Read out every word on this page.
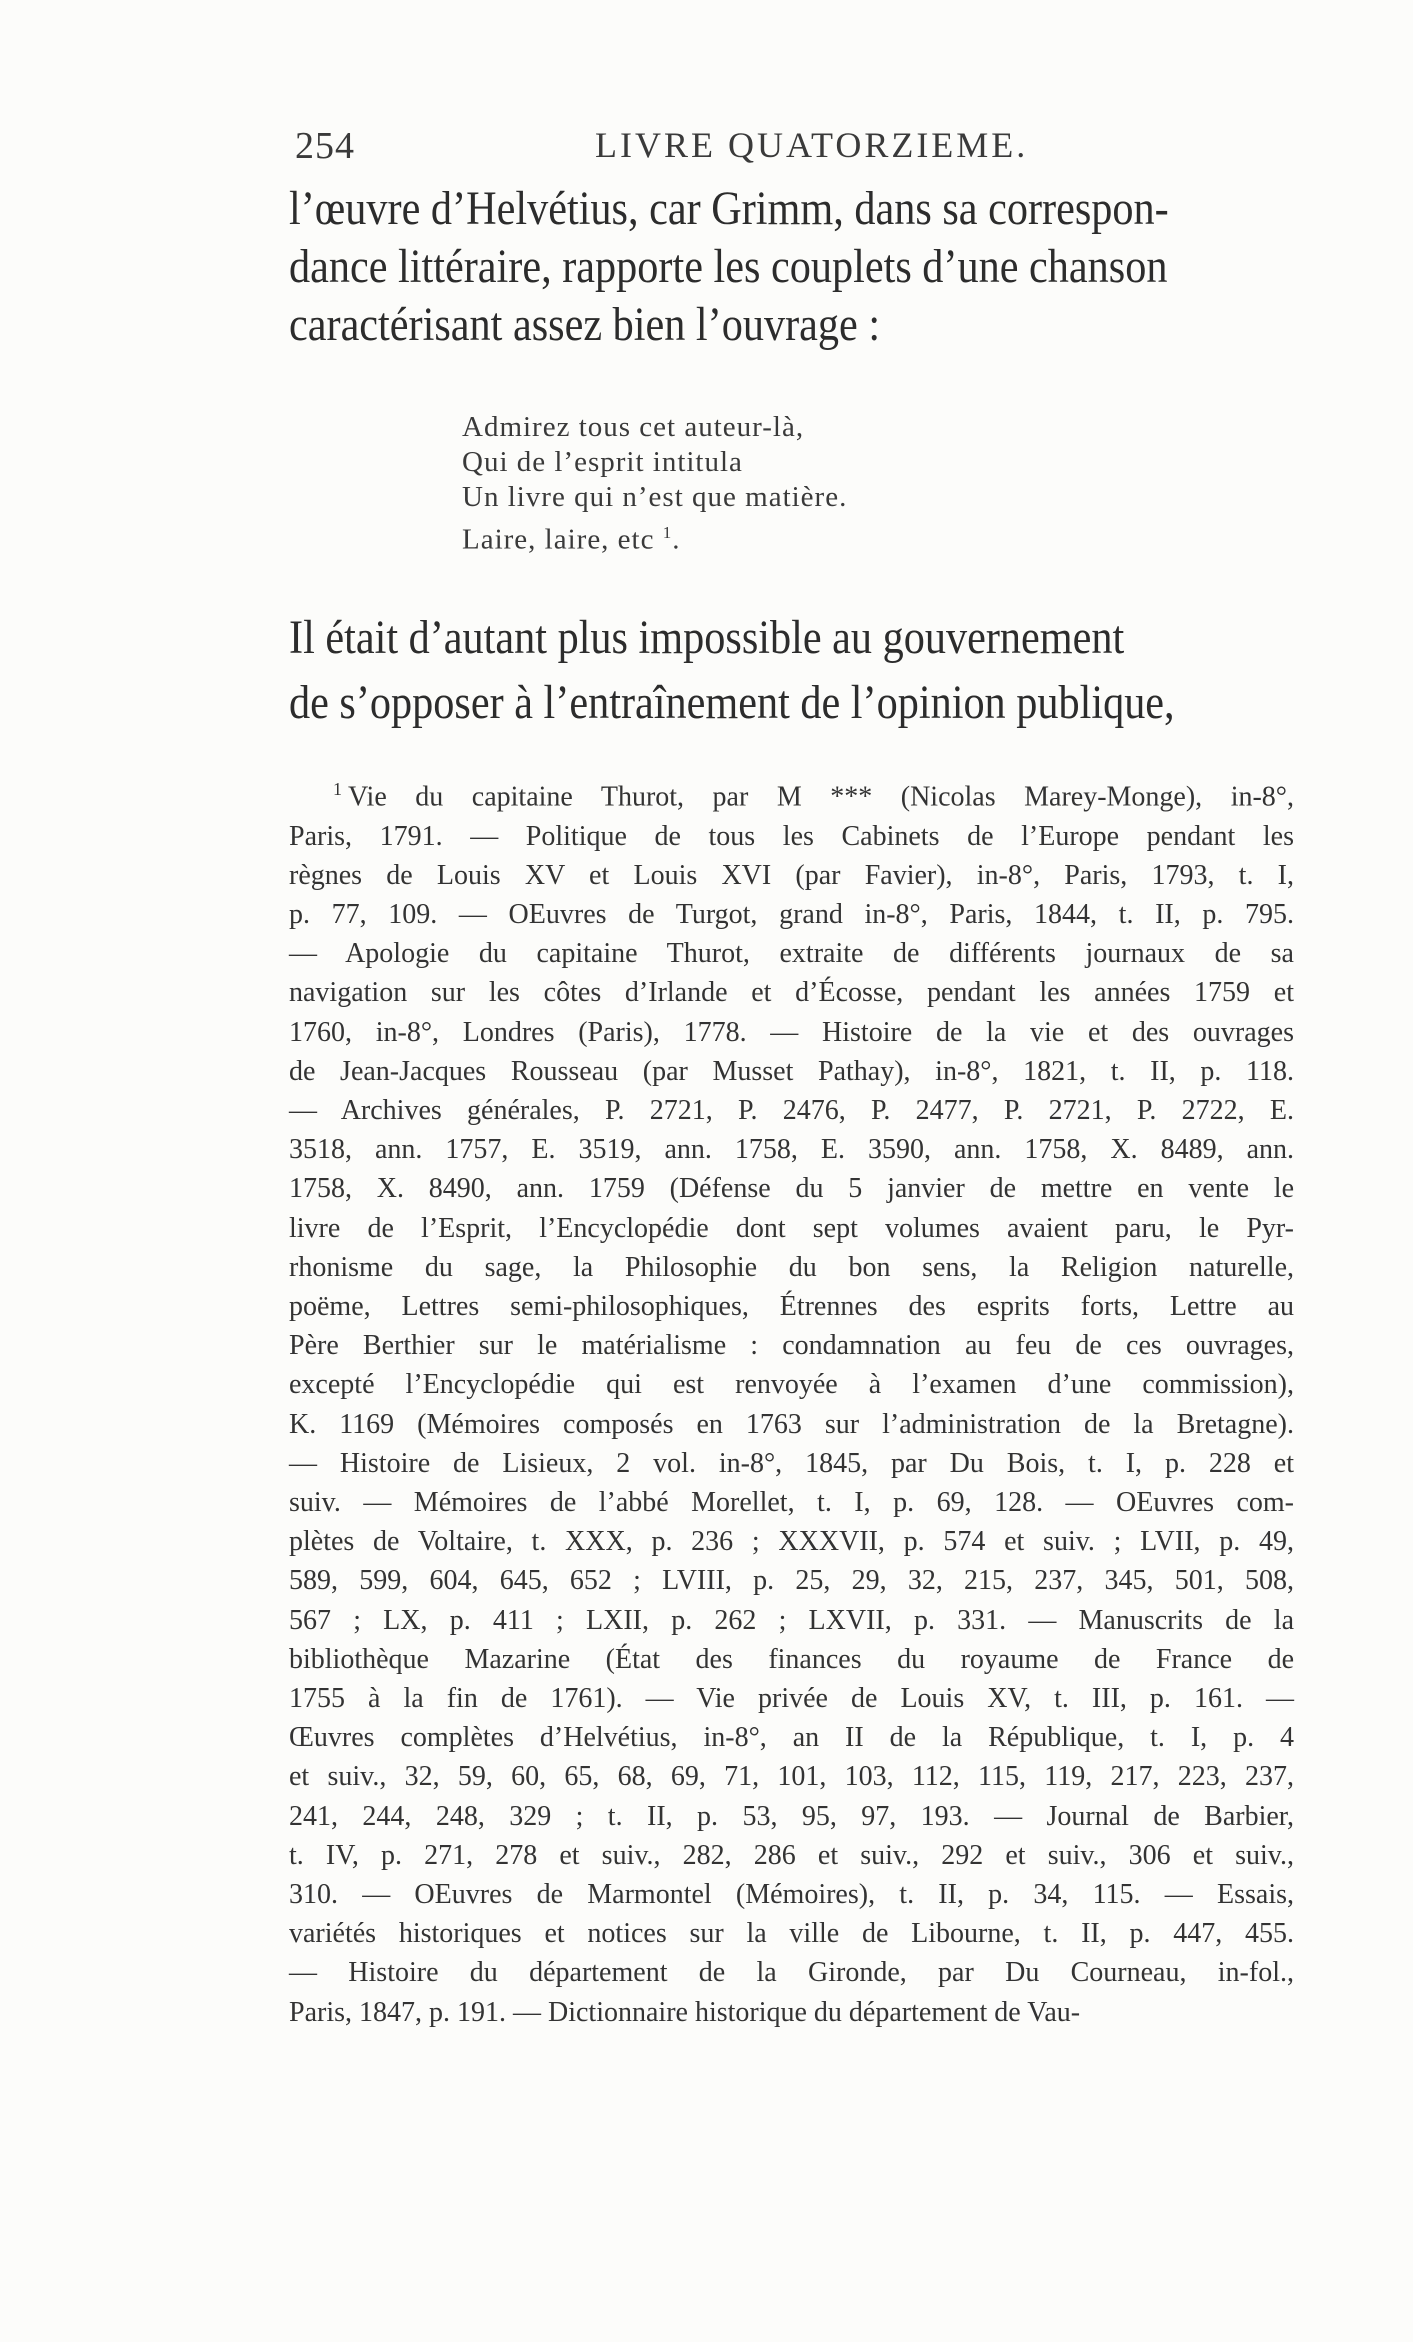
254	LIVRE QUATORZIEME.
l’œuvre d’Helvétius, car Grimm, dans sa correspon-
dance littéraire, rapporte les couplets d’une chanson
caractérisant assez bien l’ouvrage :
Admirez tous cet auteur-là,
Qui de l’esprit intitula
Un livre qui n’est que matière.
Laire, laire, etc $^1$.
Il était d’autant plus impossible au gouvernement
de s’opposer à l’entraînement de l’opinion publique,
$^1$ Vie du capitaine Thurot, par M *** (Nicolas Marey-Monge), in-8°,
Paris, 1791. — Politique de tous les Cabinets de l’Europe pendant les
règnes de Louis XV et Louis XVI (par Favier), in-8°, Paris, 1793, t. I,
p. 77, 109. — OEuvres de Turgot, grand in-8°, Paris, 1844, t. II, p. 795.
— Apologie du capitaine Thurot, extraite de différents journaux de sa
navigation sur les côtes d’Irlande et d’Écosse, pendant les années 1759 et
1760, in-8°, Londres (Paris), 1778. — Histoire de la vie et des ouvrages
de Jean-Jacques Rousseau (par Musset Pathay), in-8°, 1821, t. II, p. 118.
— Archives générales, P. 2721, P. 2476, P. 2477, P. 2721, P. 2722, E.
3518, ann. 1757, E. 3519, ann. 1758, E. 3590, ann. 1758, X. 8489, ann.
1758, X. 8490, ann. 1759 (Défense du 5 janvier de mettre en vente le
livre de l’Esprit, l’Encyclopédie dont sept volumes avaient paru, le Pyr-
rhonisme du sage, la Philosophie du bon sens, la Religion naturelle,
poëme, Lettres semi-philosophiques, Étrennes des esprits forts, Lettre au
Père Berthier sur le matérialisme : condamnation au feu de ces ouvrages,
excepté l’Encyclopédie qui est renvoyée à l’examen d’une commission),
K. 1169 (Mémoires composés en 1763 sur l’administration de la Bretagne).
— Histoire de Lisieux, 2 vol. in-8°, 1845, par Du Bois, t. I, p. 228 et
suiv. — Mémoires de l’abbé Morellet, t. I, p. 69, 128. — OEuvres com-
plètes de Voltaire, t. XXX, p. 236 ; XXXVII, p. 574 et suiv. ; LVII, p. 49,
589, 599, 604, 645, 652 ; LVIII, p. 25, 29, 32, 215, 237, 345, 501, 508,
567 ; LX, p. 411 ; LXII, p. 262 ; LXVII, p. 331. — Manuscrits de la
bibliothèque Mazarine (État des finances du royaume de France de
1755 à la fin de 1761). — Vie privée de Louis XV, t. III, p. 161. —
Œuvres complètes d’Helvétius, in-8°, an II de la République, t. I, p. 4
et suiv., 32, 59, 60, 65, 68, 69, 71, 101, 103, 112, 115, 119, 217, 223, 237,
241, 244, 248, 329 ; t. II, p. 53, 95, 97, 193. — Journal de Barbier,
t. IV, p. 271, 278 et suiv., 282, 286 et suiv., 292 et suiv., 306 et suiv.,
310. — OEuvres de Marmontel (Mémoires), t. II, p. 34, 115. — Essais,
variétés historiques et notices sur la ville de Libourne, t. II, p. 447, 455.
— Histoire du département de la Gironde, par Du Courneau, in-fol.,
Paris, 1847, p. 191. — Dictionnaire historique du département de Vau-
